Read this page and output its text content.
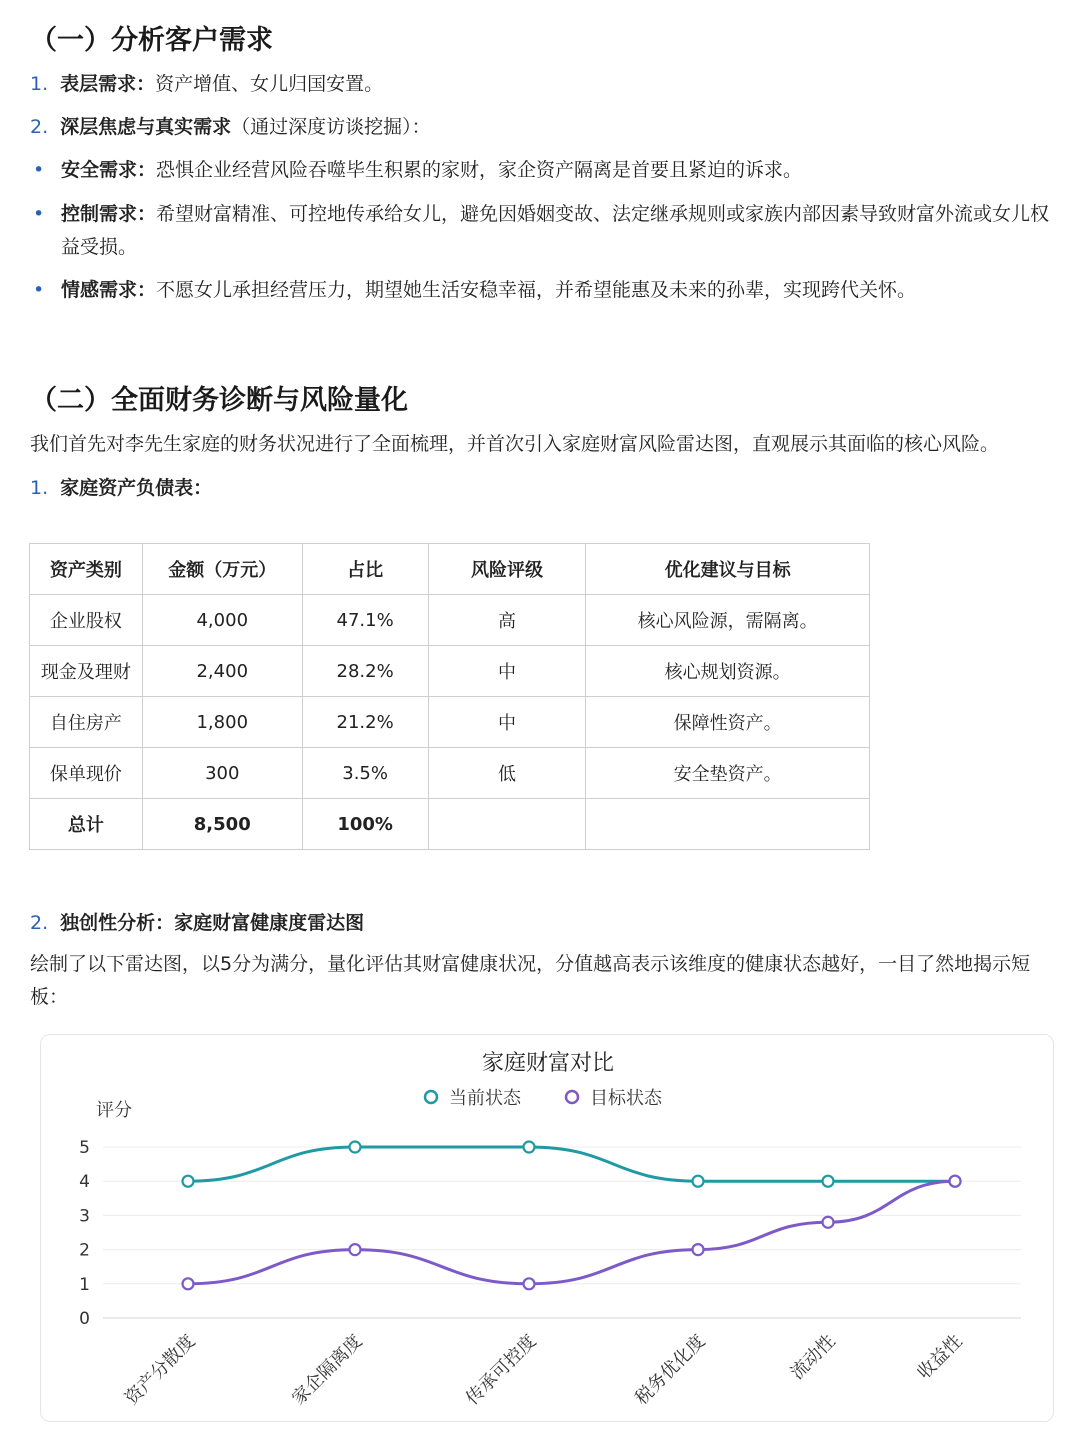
（一）分析客户需求
1. 表层需求：资产增值、女儿归国安置。
2. 深层焦虑与真实需求（通过深度访谈挖掘）：
• 安全需求：恐惧企业经营风险吞噬毕生积累的家财，家企资产隔离是首要且紧迫的诉求。
• 控制需求：希望财富精准、可控地传承给女儿，避免因婚姻变故、法定继承规则或家族内部因素导致财富外流或女儿权益受损。
• 情感需求：不愿女儿承担经营压力，期望她生活安稳幸福，并希望能惠及未来的孙辈，实现跨代关怀。
（二）全面财务诊断与风险量化

我们首先对李先生家庭的财务状况进行了全面梳理，并首次引入家庭财富风险雷达图，直观展示其面临的核心风险。

1. 家庭资产负债表：
资产类别	金额（万元）	占比	风险评级	优化建议与目标
企业股权	4,000	47.1%	高	核心风险源，需隔离。
现金及理财	2,400	28.2%	中	核心规划资源。
自住房产	1,800	21.2%	中	保障性资产。
保单现价	300	3.5%	低	安全垫资产。
总计	8,500	100%		
2. 独创性分析：家庭财富健康度雷达图

绘制了以下雷达图，以5分为满分，量化评估其财富健康状况，分值越高表示该维度的健康状态越好，一目了然地揭示短板：

家庭财富对比
当前状态	目标状态
评分
0
1
2
3
4
5
资产分散度	家企隔离度	传承可控度	税务优化度	流动性	收益性
